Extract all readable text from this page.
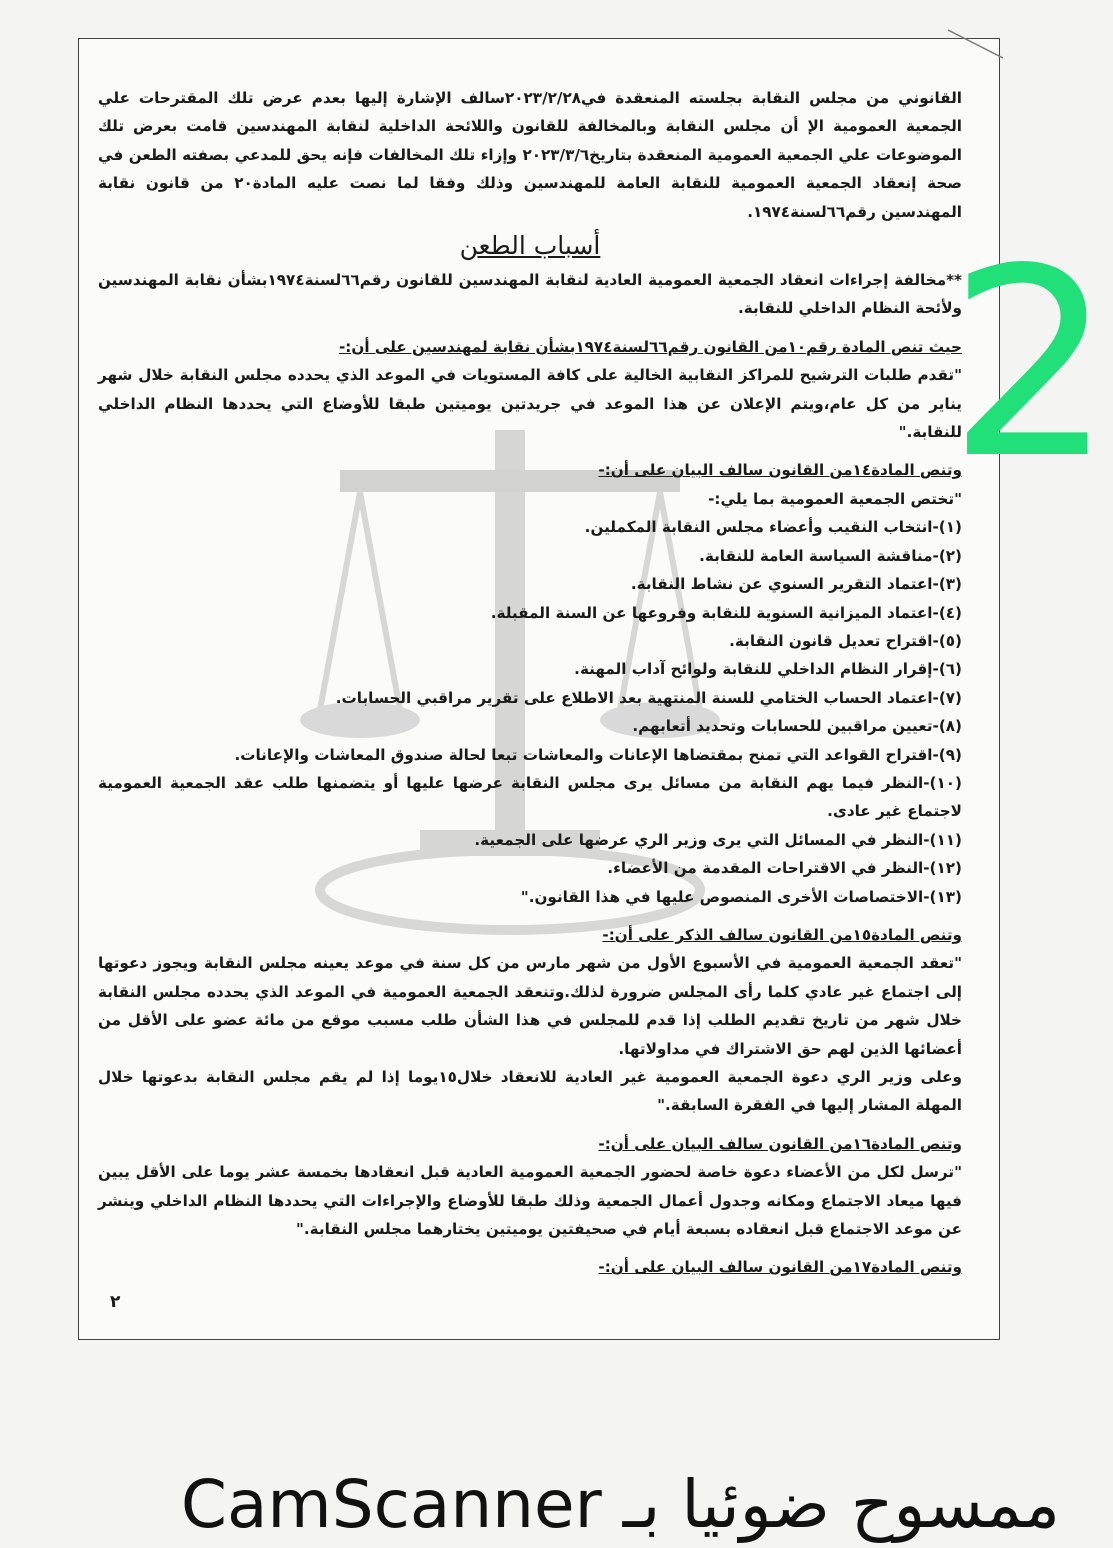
2

القانوني من مجلس النقابة بجلسته المنعقدة في٢٠٢٣/٢/٢٨سالف الإشارة إليها بعدم عرض تلك المقترحات علي الجمعية العمومية الإ أن مجلس النقابة وبالمخالفة للقانون واللائحة الداخلية لنقابة المهندسين قامت بعرض تلك الموضوعات علي الجمعية العمومية المنعقدة بتاريخ٢٠٢٣/٣/٦ وإزاء تلك المخالفات فإنه يحق للمدعي بصفته الطعن في صحة إنعقاد الجمعية العمومية للنقابة العامة للمهندسين وذلك وفقا لما نصت عليه المادة٢٠ من قانون نقابة المهندسين رقم٦٦لسنة١٩٧٤.

أسباب الطعن

**مخالفة إجراءات انعقاد الجمعية العمومية العادية لنقابة المهندسين للقانون رقم٦٦لسنة١٩٧٤بشأن نقابة المهندسين ولأئحة النظام الداخلي للنقابة.

حيث تنص المادة رقم١٠من القانون رقم٦٦لسنة١٩٧٤بشأن نقابة لمهندسين على أن:-

"تقدم طلبات الترشيح للمراكز النقابية الخالية على كافة المستويات في الموعد الذي يحدده مجلس النقابة خلال شهر يناير من كل عام،ويتم الإعلان عن هذا الموعد في جريدتين يوميتين طبقا للأوضاع التي يحددها النظام الداخلي للنقابة."

وتنص المادة١٤من القانون سالف البيان على أن:-

"تختص الجمعية العمومية بما يلي:-

(١)-انتخاب النقيب وأعضاء مجلس النقابة المكملين.

(٢)-مناقشة السياسة العامة للنقابة.

(٣)-اعتماد التقرير السنوي عن نشاط النقابة.

(٤)-اعتماد الميزانية السنوية للنقابة وفروعها عن السنة المقبلة.

(٥)-اقتراح تعديل قانون النقابة.

(٦)-إقرار النظام الداخلي للنقابة ولوائح آداب المهنة.

(٧)-اعتماد الحساب الختامي للسنة المنتهية بعد الاطلاع على تقرير مراقبي الحسابات.

(٨)-تعيين مراقبين للحسابات وتحديد أتعابهم.

(٩)-اقتراح القواعد التي تمنح بمقتضاها الإعانات والمعاشات تبعا لحالة صندوق المعاشات والإعانات.

(١٠)-النظر فيما يهم النقابة من مسائل يرى مجلس النقابة عرضها عليها أو يتضمنها طلب عقد الجمعية العمومية لاجتماع غير عادى.

(١١)-النظر في المسائل التي يرى وزير الري عرضها على الجمعية.

(١٢)-النظر في الاقتراحات المقدمة من الأعضاء.

(١٣)-الاختصاصات الأخرى المنصوص عليها في هذا القانون."

وتنص المادة١٥من القانون سالف الذكر على أن:-

"تعقد الجمعية العمومية في الأسبوع الأول من شهر مارس من كل سنة في موعد يعينه مجلس النقابة ويجوز دعوتها إلى اجتماع غير عادي كلما رأى المجلس ضرورة لذلك.وتنعقد الجمعية العمومية في الموعد الذي يحدده مجلس النقابة خلال شهر من تاريخ تقديم الطلب إذا قدم للمجلس في هذا الشأن طلب مسبب موقع من مائة عضو على الأقل من أعضائها الذين لهم حق الاشتراك في مداولاتها.

وعلى وزير الري دعوة الجمعية العمومية غير العادية للانعقاد خلال١٥يوما إذا لم يقم مجلس النقابة بدعوتها خلال المهلة المشار إليها في الفقرة السابقة."

وتنص المادة١٦من القانون سالف البيان على أن:-

"ترسل لكل من الأعضاء دعوة خاصة لحضور الجمعية العمومية العادية قبل انعقادها بخمسة عشر يوما على الأقل يبين فيها ميعاد الاجتماع ومكانه وجدول أعمال الجمعية وذلك طبقا للأوضاع والإجراءات التي يحددها النظام الداخلي وينشر عن موعد الاجتماع قبل انعقاده بسبعة أيام في صحيفتين يوميتين يختارهما مجلس النقابة."

وتنص المادة١٧من القانون سالف البيان على أن:-

٢
ممسوح ضوئيا بـ CamScanner
